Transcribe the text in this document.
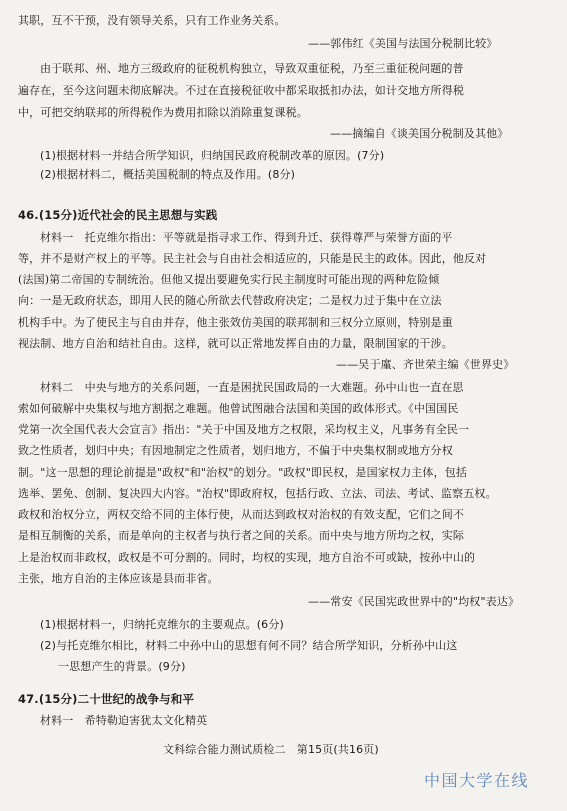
其职，互不干预，没有领导关系，只有工作业务关系。
——郭伟红《美国与法国分税制比较》
由于联邦、州、地方三级政府的征税机构独立，导致双重征税，乃至三重征税问题的普
遍存在，至今这问题未彻底解决。不过在直接税征收中都采取抵扣办法，如计交地方所得税
中，可把交纳联邦的所得税作为费用扣除以消除重复课税。
——摘编自《谈美国分税制及其他》
(1)根据材料一并结合所学知识，归纳国民政府税制改革的原因。(7分)
(2)根据材料二，概括美国税制的特点及作用。(8分)
46.(15分)近代社会的民主思想与实践
材料一　托克维尔指出：平等就是指寻求工作、得到升迁、获得尊严与荣誉方面的平
等，并不是财产权上的平等。民主社会与自由社会相适应的，只能是民主的政体。因此，他反对
(法国)第二帝国的专制统治。但他又提出要避免实行民主制度时可能出现的两种危险倾
向：一是无政府状态，即用人民的随心所欲去代替政府决定；二是权力过于集中在立法
机构手中。为了使民主与自由并存，他主张效仿美国的联邦制和三权分立原则，特别是重
视法制、地方自治和结社自由。这样，就可以正常地发挥自由的力量，限制国家的干涉。
——吴于廑、齐世荣主编《世界史》
材料二　中央与地方的关系问题，一直是困扰民国政局的一大难题。孙中山也一直在思
索如何破解中央集权与地方割据之难题。他曾试图融合法国和美国的政体形式。《中国国民
党第一次全国代表大会宣言》指出："关于中国及地方之权限，采均权主义，凡事务有全民一
致之性质者，划归中央；有因地制定之性质者，划归地方，不偏于中央集权制或地方分权
制。"这一思想的理论前提是"政权"和"治权"的划分。"政权"即民权，是国家权力主体，包括
选举、罢免、创制、复决四大内容。"治权"即政府权，包括行政、立法、司法、考试、监察五权。
政权和治权分立，两权交给不同的主体行使，从而达到政权对治权的有效支配，它们之间不
是相互制衡的关系，而是单向的主权者与执行者之间的关系。而中央与地方所均之权，实际
上是治权而非政权，政权是不可分割的。同时，均权的实现，地方自治不可或缺，按孙中山的
主张，地方自治的主体应该是县而非省。
——常安《民国宪政世界中的"均权"表达》
(1)根据材料一，归纳托克维尔的主要观点。(6分)
(2)与托克维尔相比，材料二中孙中山的思想有何不同？结合所学知识，分析孙中山这
一思想产生的背景。(9分)
47.(15分)二十世纪的战争与和平
材料一　希特勒迫害犹太文化精英
文科综合能力测试质检二　第15页(共16页)
中国大学在线
